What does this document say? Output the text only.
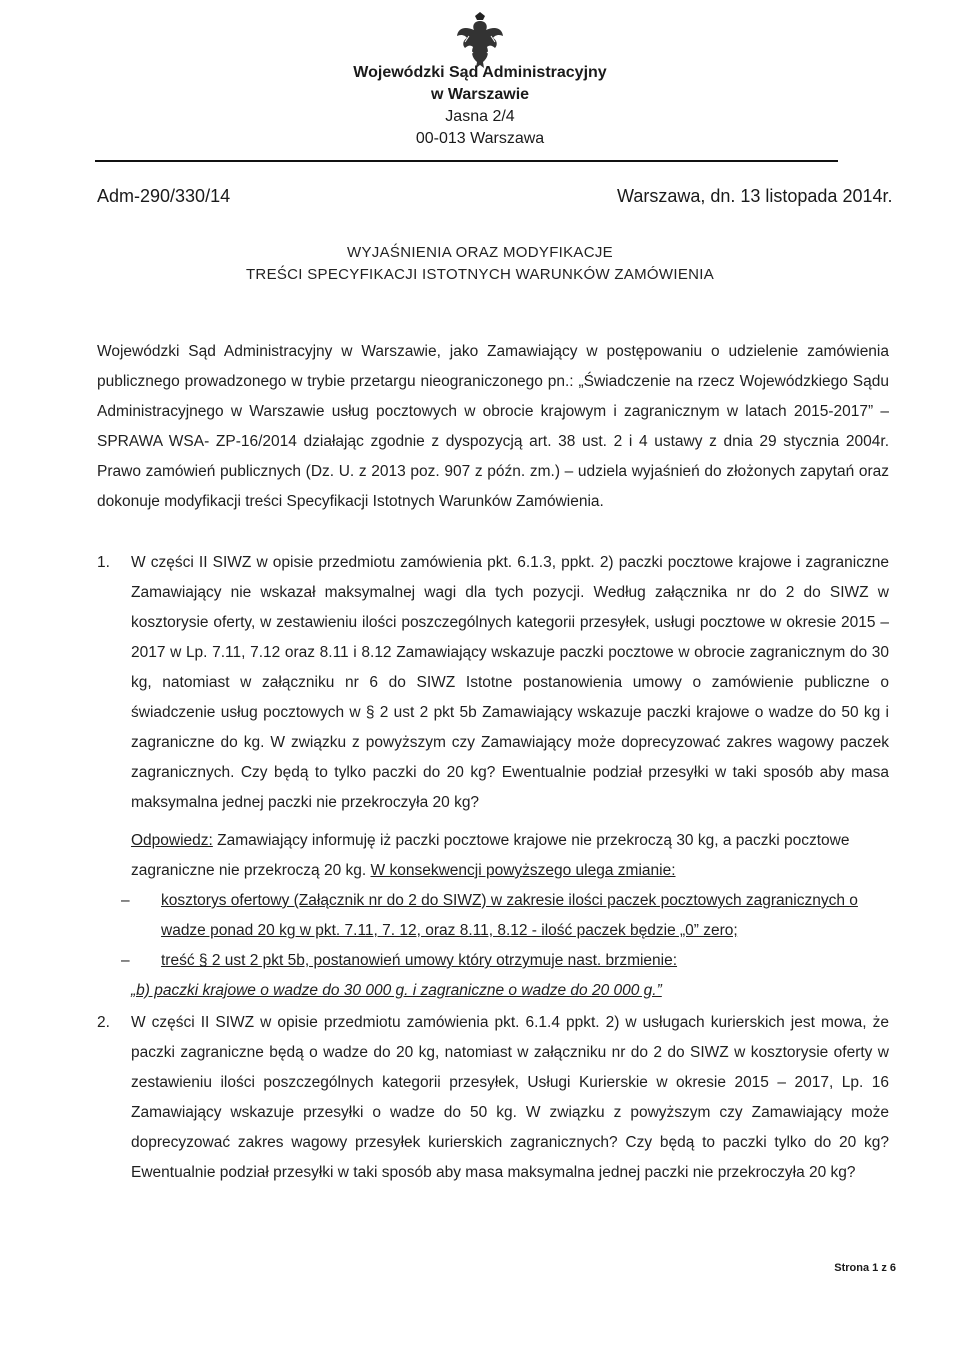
Wojewódzki Sąd Administracyjny
w Warszawie
Jasna 2/4
00-013 Warszawa
Adm-290/330/14	Warszawa, dn. 13 listopada 2014r.
WYJAŚNIENIA ORAZ MODYFIKACJE
TREŚCI SPECYFIKACJI ISTOTNYCH WARUNKÓW ZAMÓWIENIA
Wojewódzki Sąd Administracyjny w Warszawie, jako Zamawiający w postępowaniu o udzielenie zamówienia publicznego prowadzonego w trybie przetargu nieograniczonego pn.: „Świadczenie na rzecz Wojewódzkiego Sądu Administracyjnego w Warszawie usług pocztowych w obrocie krajowym i zagranicznym w latach 2015-2017” – SPRAWA WSA- ZP-16/2014 działając zgodnie z dyspozycją art. 38 ust. 2 i 4 ustawy z dnia 29 stycznia 2004r. Prawo zamówień publicznych (Dz. U. z 2013 poz. 907 z późn. zm.) – udziela wyjaśnień do złożonych zapytań oraz dokonuje modyfikacji treści Specyfikacji Istotnych Warunków Zamówienia.
1. W części II SIWZ w opisie przedmiotu zamówienia pkt. 6.1.3, ppkt. 2) paczki pocztowe krajowe i zagraniczne Zamawiający nie wskazał maksymalnej wagi dla tych pozycji. Według załącznika nr do 2 do SIWZ w kosztorysie oferty, w zestawieniu ilości poszczególnych kategorii przesyłek, usługi pocztowe w okresie 2015 – 2017 w Lp. 7.11, 7.12 oraz 8.11 i 8.12 Zamawiający wskazuje paczki pocztowe w obrocie zagranicznym do 30 kg, natomiast w załączniku nr 6 do SIWZ Istotne postanowienia umowy o zamówienie publiczne o świadczenie usług pocztowych w § 2 ust 2 pkt 5b Zamawiający wskazuje paczki krajowe o wadze do 50 kg i zagraniczne do kg. W związku z powyższym czy Zamawiający może doprecyzować zakres wagowy paczek zagranicznych. Czy będą to tylko paczki do 20 kg? Ewentualnie podział przesyłki w taki sposób aby masa maksymalna jednej paczki nie przekroczyła 20 kg?
Odpowiedz: Zamawiający informuję iż paczki pocztowe krajowe nie przekroczą 30 kg, a paczki pocztowe zagraniczne nie przekroczą 20 kg. W konsekwencji powyższego ulega zmianie:
– kosztorys ofertowy (Załącznik nr do 2 do SIWZ) w zakresie ilości paczek pocztowych zagranicznych o wadze ponad 20 kg w pkt. 7.11, 7. 12, oraz 8.11, 8.12 - ilość paczek będzie „0” zero;
– treść § 2 ust 2 pkt 5b, postanowień umowy który otrzymuje nast. brzmienie:
„b) paczki krajowe o wadze do 30 000 g. i zagraniczne o wadze do 20 000 g.”
2. W części II SIWZ w opisie przedmiotu zamówienia pkt. 6.1.4 ppkt. 2) w usługach kurierskich jest mowa, że paczki zagraniczne będą o wadze do 20 kg, natomiast w załączniku nr do 2 do SIWZ w kosztorysie oferty w zestawieniu ilości poszczególnych kategorii przesyłek, Usługi Kurierskie w okresie 2015 – 2017, Lp. 16 Zamawiający wskazuje przesyłki o wadze do 50 kg. W związku z powyższym czy Zamawiający może doprecyzować zakres wagowy przesyłek kurierskich zagranicznych? Czy będą to paczki tylko do 20 kg? Ewentualnie podział przesyłki w taki sposób aby masa maksymalna jednej paczki nie przekroczyła 20 kg?
Strona 1 z 6
